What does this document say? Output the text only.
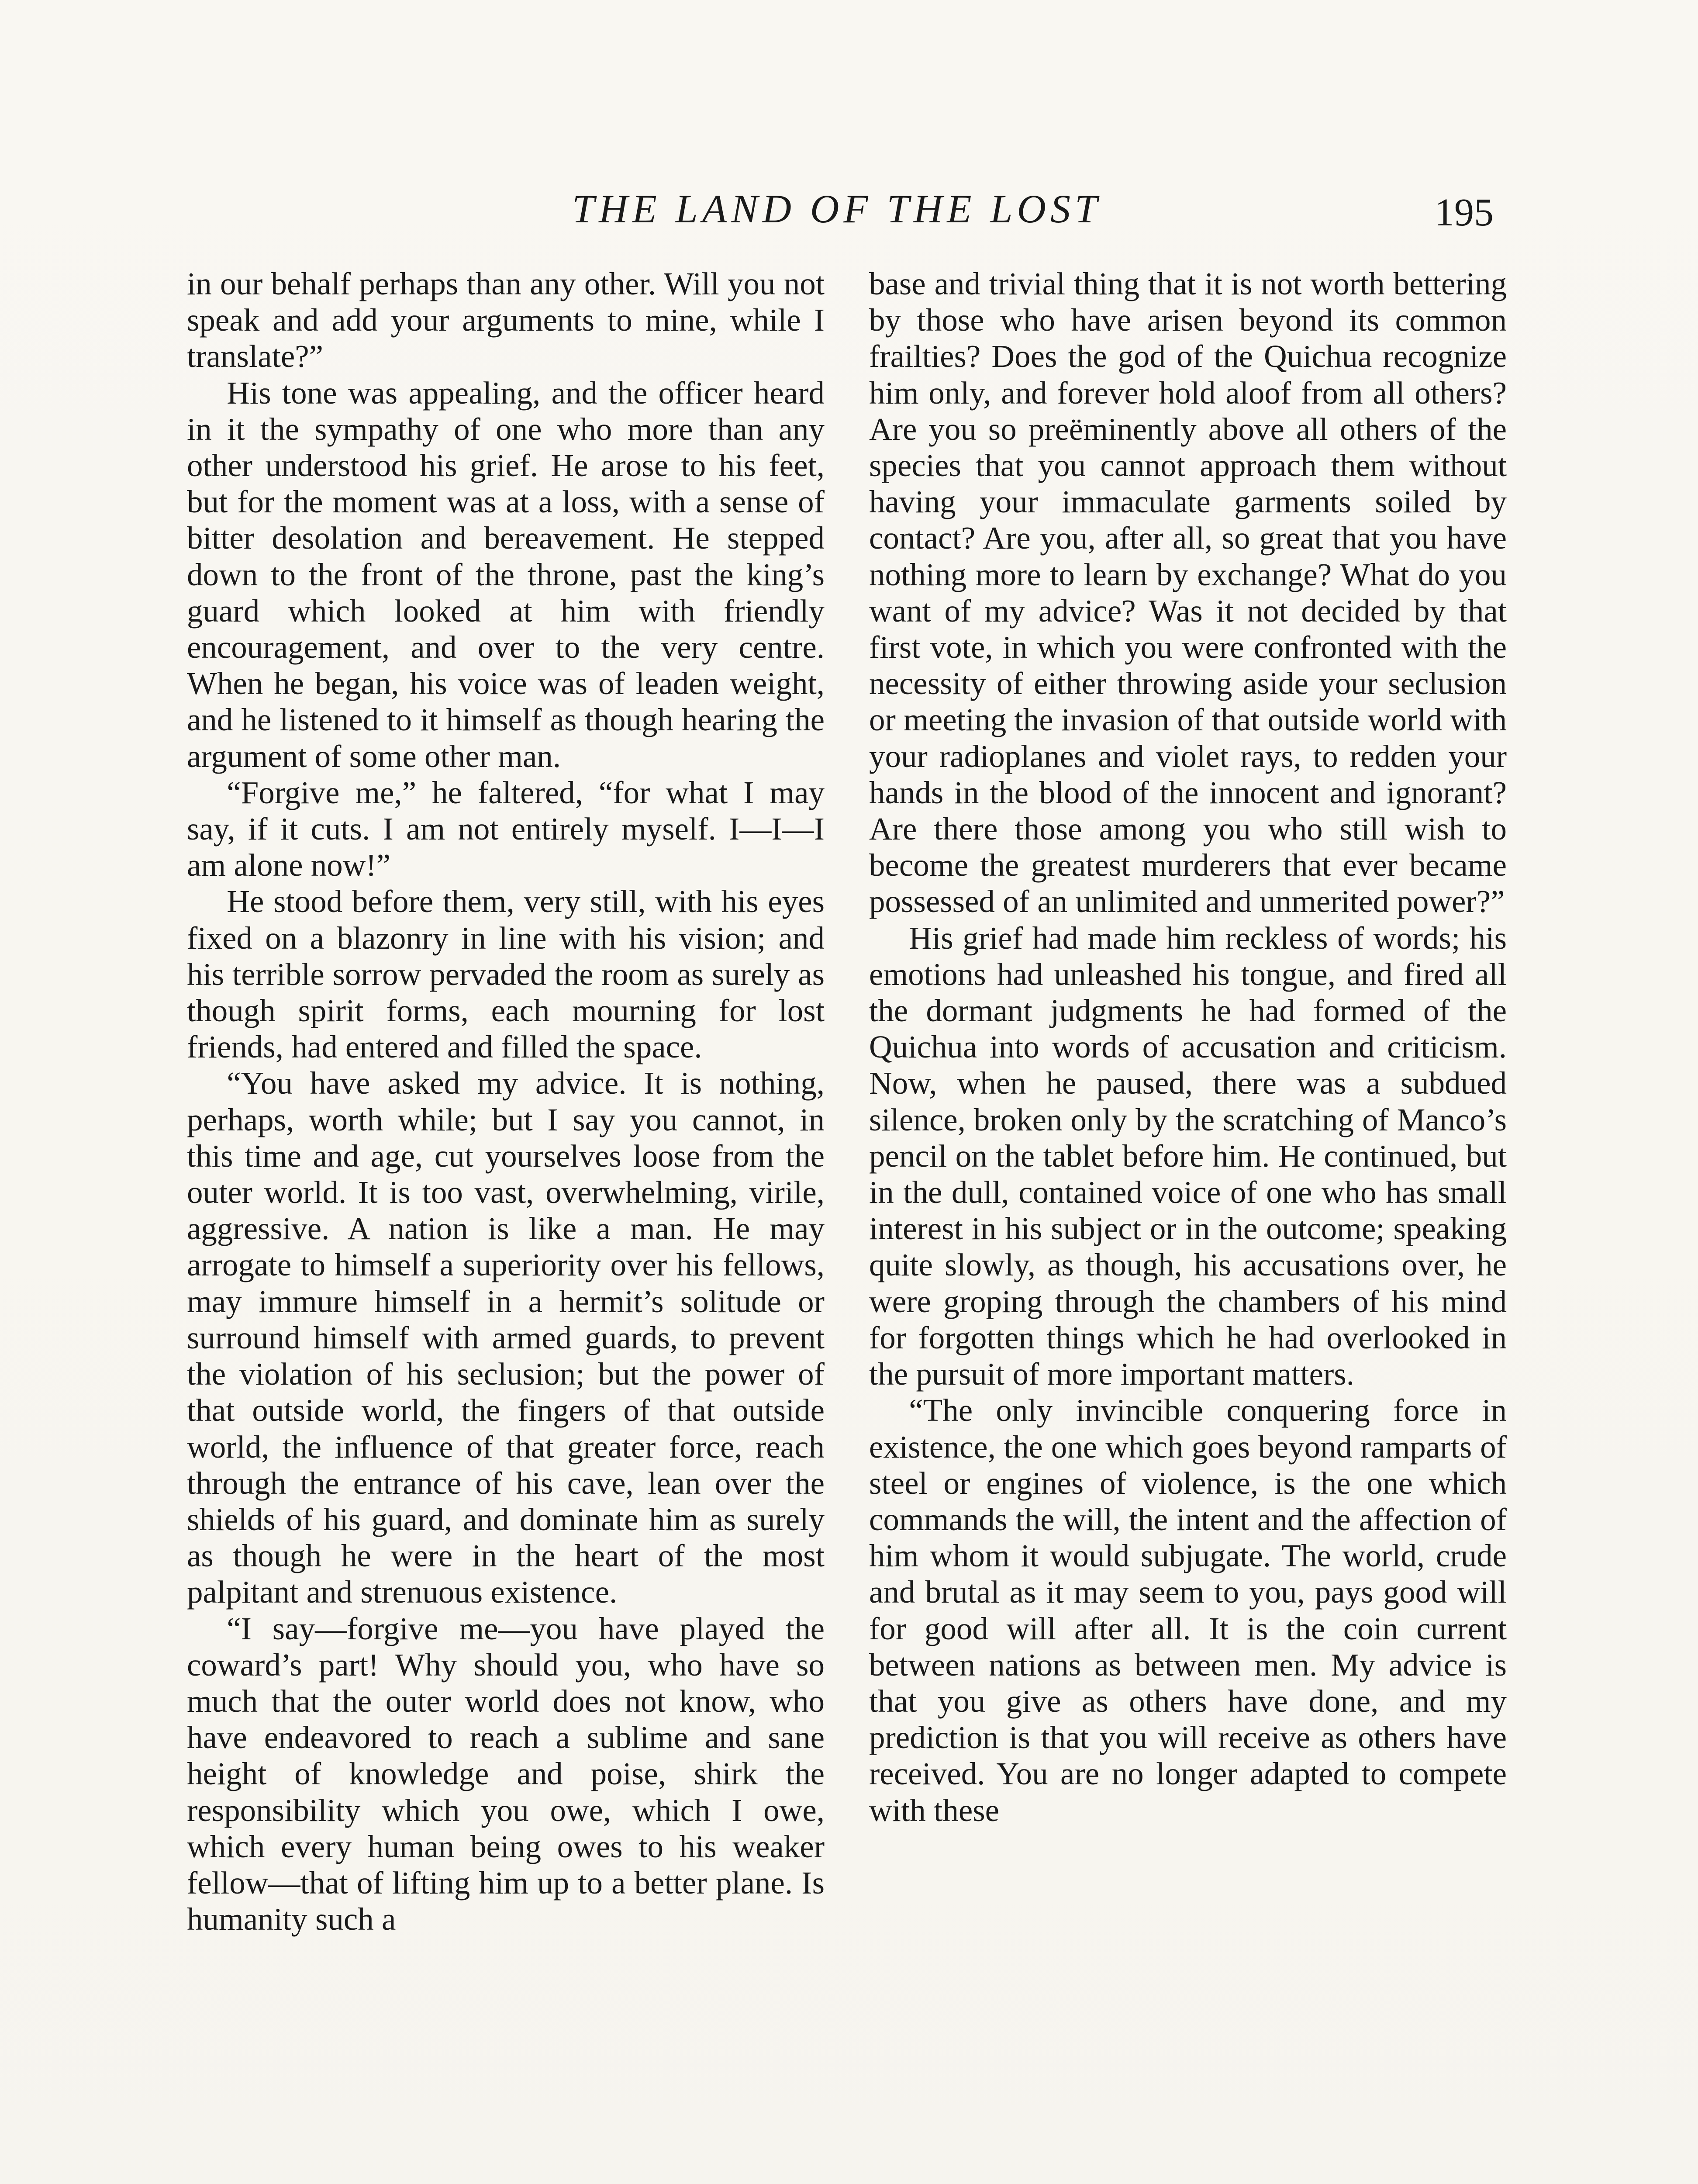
THE LAND OF THE LOST	195

in our behalf perhaps than any other. Will you not speak and add your arguments to mine, while I translate?”

His tone was appealing, and the officer heard in it the sympathy of one who more than any other understood his grief. He arose to his feet, but for the moment was at a loss, with a sense of bitter desolation and bereavement. He stepped down to the front of the throne, past the king’s guard which looked at him with friendly encouragement, and over to the very centre. When he began, his voice was of leaden weight, and he listened to it himself as though hearing the argument of some other man.

“Forgive me,” he faltered, “for what I may say, if it cuts. I am not entirely myself. I—I—I am alone now!”

He stood before them, very still, with his eyes fixed on a blazonry in line with his vision; and his terrible sorrow pervaded the room as surely as though spirit forms, each mourning for lost friends, had entered and filled the space.

“You have asked my advice. It is nothing, perhaps, worth while; but I say you cannot, in this time and age, cut yourselves loose from the outer world. It is too vast, overwhelming, virile, aggressive. A nation is like a man. He may arrogate to himself a superiority over his fellows, may immure himself in a hermit’s solitude or surround himself with armed guards, to prevent the violation of his seclusion; but the power of that outside world, the fingers of that outside world, the influence of that greater force, reach through the entrance of his cave, lean over the shields of his guard, and dominate him as surely as though he were in the heart of the most palpitant and strenuous existence.

“I say—forgive me—you have played the coward’s part! Why should you, who have so much that the outer world does not know, who have endeavored to reach a sublime and sane height of knowledge and poise, shirk the responsibility which you owe, which I owe, which every human being owes to his weaker fellow—that of lifting him up to a better plane. Is humanity such a

base and trivial thing that it is not worth bettering by those who have arisen beyond its common frailties? Does the god of the Quichua recognize him only, and forever hold aloof from all others? Are you so preëminently above all others of the species that you cannot approach them without having your immaculate garments soiled by contact? Are you, after all, so great that you have nothing more to learn by exchange? What do you want of my advice? Was it not decided by that first vote, in which you were confronted with the necessity of either throwing aside your seclusion or meeting the invasion of that outside world with your radioplanes and violet rays, to redden your hands in the blood of the innocent and ignorant? Are there those among you who still wish to become the greatest murderers that ever became possessed of an unlimited and unmerited power?”

His grief had made him reckless of words; his emotions had unleashed his tongue, and fired all the dormant judgments he had formed of the Quichua into words of accusation and criticism. Now, when he paused, there was a subdued silence, broken only by the scratching of Manco’s pencil on the tablet before him. He continued, but in the dull, contained voice of one who has small interest in his subject or in the outcome; speaking quite slowly, as though, his accusations over, he were groping through the chambers of his mind for forgotten things which he had overlooked in the pursuit of more important matters.

“The only invincible conquering force in existence, the one which goes beyond ramparts of steel or engines of violence, is the one which commands the will, the intent and the affection of him whom it would subjugate. The world, crude and brutal as it may seem to you, pays good will for good will after all. It is the coin current between nations as between men. My advice is that you give as others have done, and my prediction is that you will receive as others have received. You are no longer adapted to compete with these
